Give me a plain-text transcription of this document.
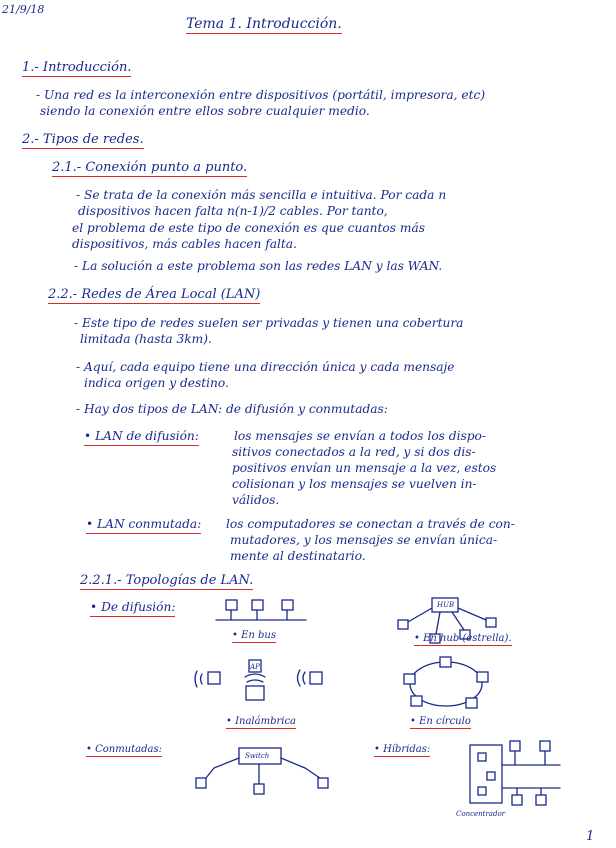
21/9/18
Tema 1. Introducción.
1.- Introducción.
- Una red es la interconexión entre dispositivos (portátil, impresora, etc)
siendo la conexión entre ellos sobre cualquier medio.
2.- Tipos de redes.
2.1.- Conexión punto a punto.
- Se trata de la conexión más sencilla e intuitiva. Por cada n
dispositivos hacen falta n(n-1)/2 cables. Por tanto,
el problema de este tipo de conexión es que cuantos más
dispositivos, más cables hacen falta.
- La solución a este problema son las redes LAN y las WAN.
2.2.- Redes de Área Local (LAN)
- Este tipo de redes suelen ser privadas y tienen una cobertura
limitada (hasta 3km).
- Aquí, cada equipo tiene una dirección única y cada mensaje
indica origen y destino.
- Hay dos tipos de LAN: de difusión y conmutadas:
• LAN de difusión:	los mensajes se envían a todos los dispo-
sitivos conectados a la red, y si dos dis-
positivos envían un mensaje a la vez, estos
colisionan y los mensajes se vuelven in-
válidos.
• LAN conmutada: los computadores se conectan a través de con-
mutadores, y los mensajes se envían única-
mente al destinatario.
2.2.1.- Topologías de LAN.
• De difusión:
• En bus
HUB
• En hub (estrella).
AP
• Inalámbrica	• En círculo
• Conmutadas:
Switch
• Híbridas:
Concentrador
1
